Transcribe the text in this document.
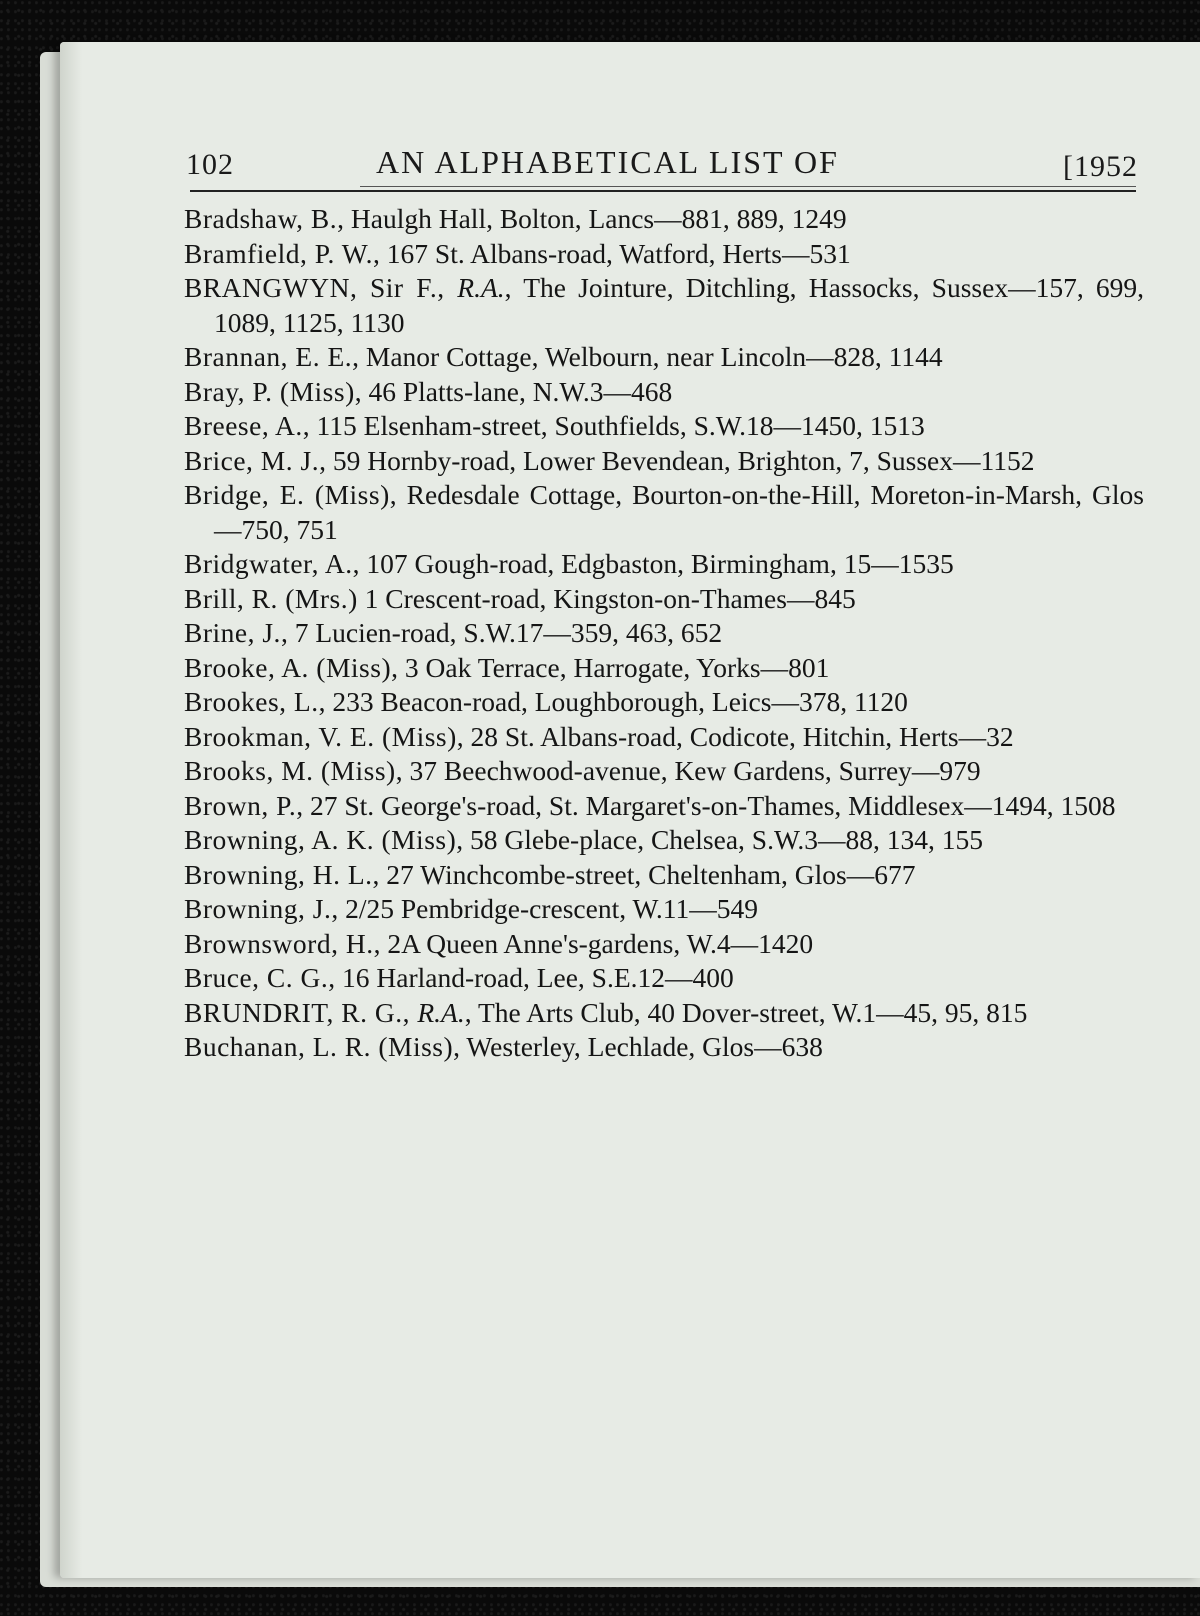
102	AN ALPHABETICAL LIST OF	[1952

Bradshaw, B., Haulgh Hall, Bolton, Lancs—881, 889, 1249

Bramfield, P. W., 167 St. Albans-road, Watford, Herts—531

BRANGWYN, Sir F., R.A., The Jointure, Ditchling, Hassocks, Sussex—157, 699, 1089, 1125, 1130

Brannan, E. E., Manor Cottage, Welbourn, near Lincoln—828, 1144

Bray, P. (Miss), 46 Platts-lane, N.W.3—468

Breese, A., 115 Elsenham-street, Southfields, S.W.18—1450, 1513

Brice, M. J., 59 Hornby-road, Lower Bevendean, Brighton, 7, Sussex—1152

Bridge, E. (Miss), Redesdale Cottage, Bourton-on-the-Hill, Moreton-in-Marsh, Glos—750, 751

Bridgwater, A., 107 Gough-road, Edgbaston, Birmingham, 15—1535

Brill, R. (Mrs.) 1 Crescent-road, Kingston-on-Thames—845

Brine, J., 7 Lucien-road, S.W.17—359, 463, 652

Brooke, A. (Miss), 3 Oak Terrace, Harrogate, Yorks—801

Brookes, L., 233 Beacon-road, Loughborough, Leics—378, 1120

Brookman, V. E. (Miss), 28 St. Albans-road, Codicote, Hitchin, Herts—32

Brooks, M. (Miss), 37 Beechwood-avenue, Kew Gardens, Surrey—979

Brown, P., 27 St. George's-road, St. Margaret's-on-Thames, Middlesex—1494, 1508

Browning, A. K. (Miss), 58 Glebe-place, Chelsea, S.W.3—88, 134, 155

Browning, H. L., 27 Winchcombe-street, Cheltenham, Glos—677

Browning, J., 2/25 Pembridge-crescent, W.11—549

Brownsword, H., 2A Queen Anne's-gardens, W.4—1420

Bruce, C. G., 16 Harland-road, Lee, S.E.12—400

BRUNDRIT, R. G., R.A., The Arts Club, 40 Dover-street, W.1—45, 95, 815

Buchanan, L. R. (Miss), Westerley, Lechlade, Glos—638
